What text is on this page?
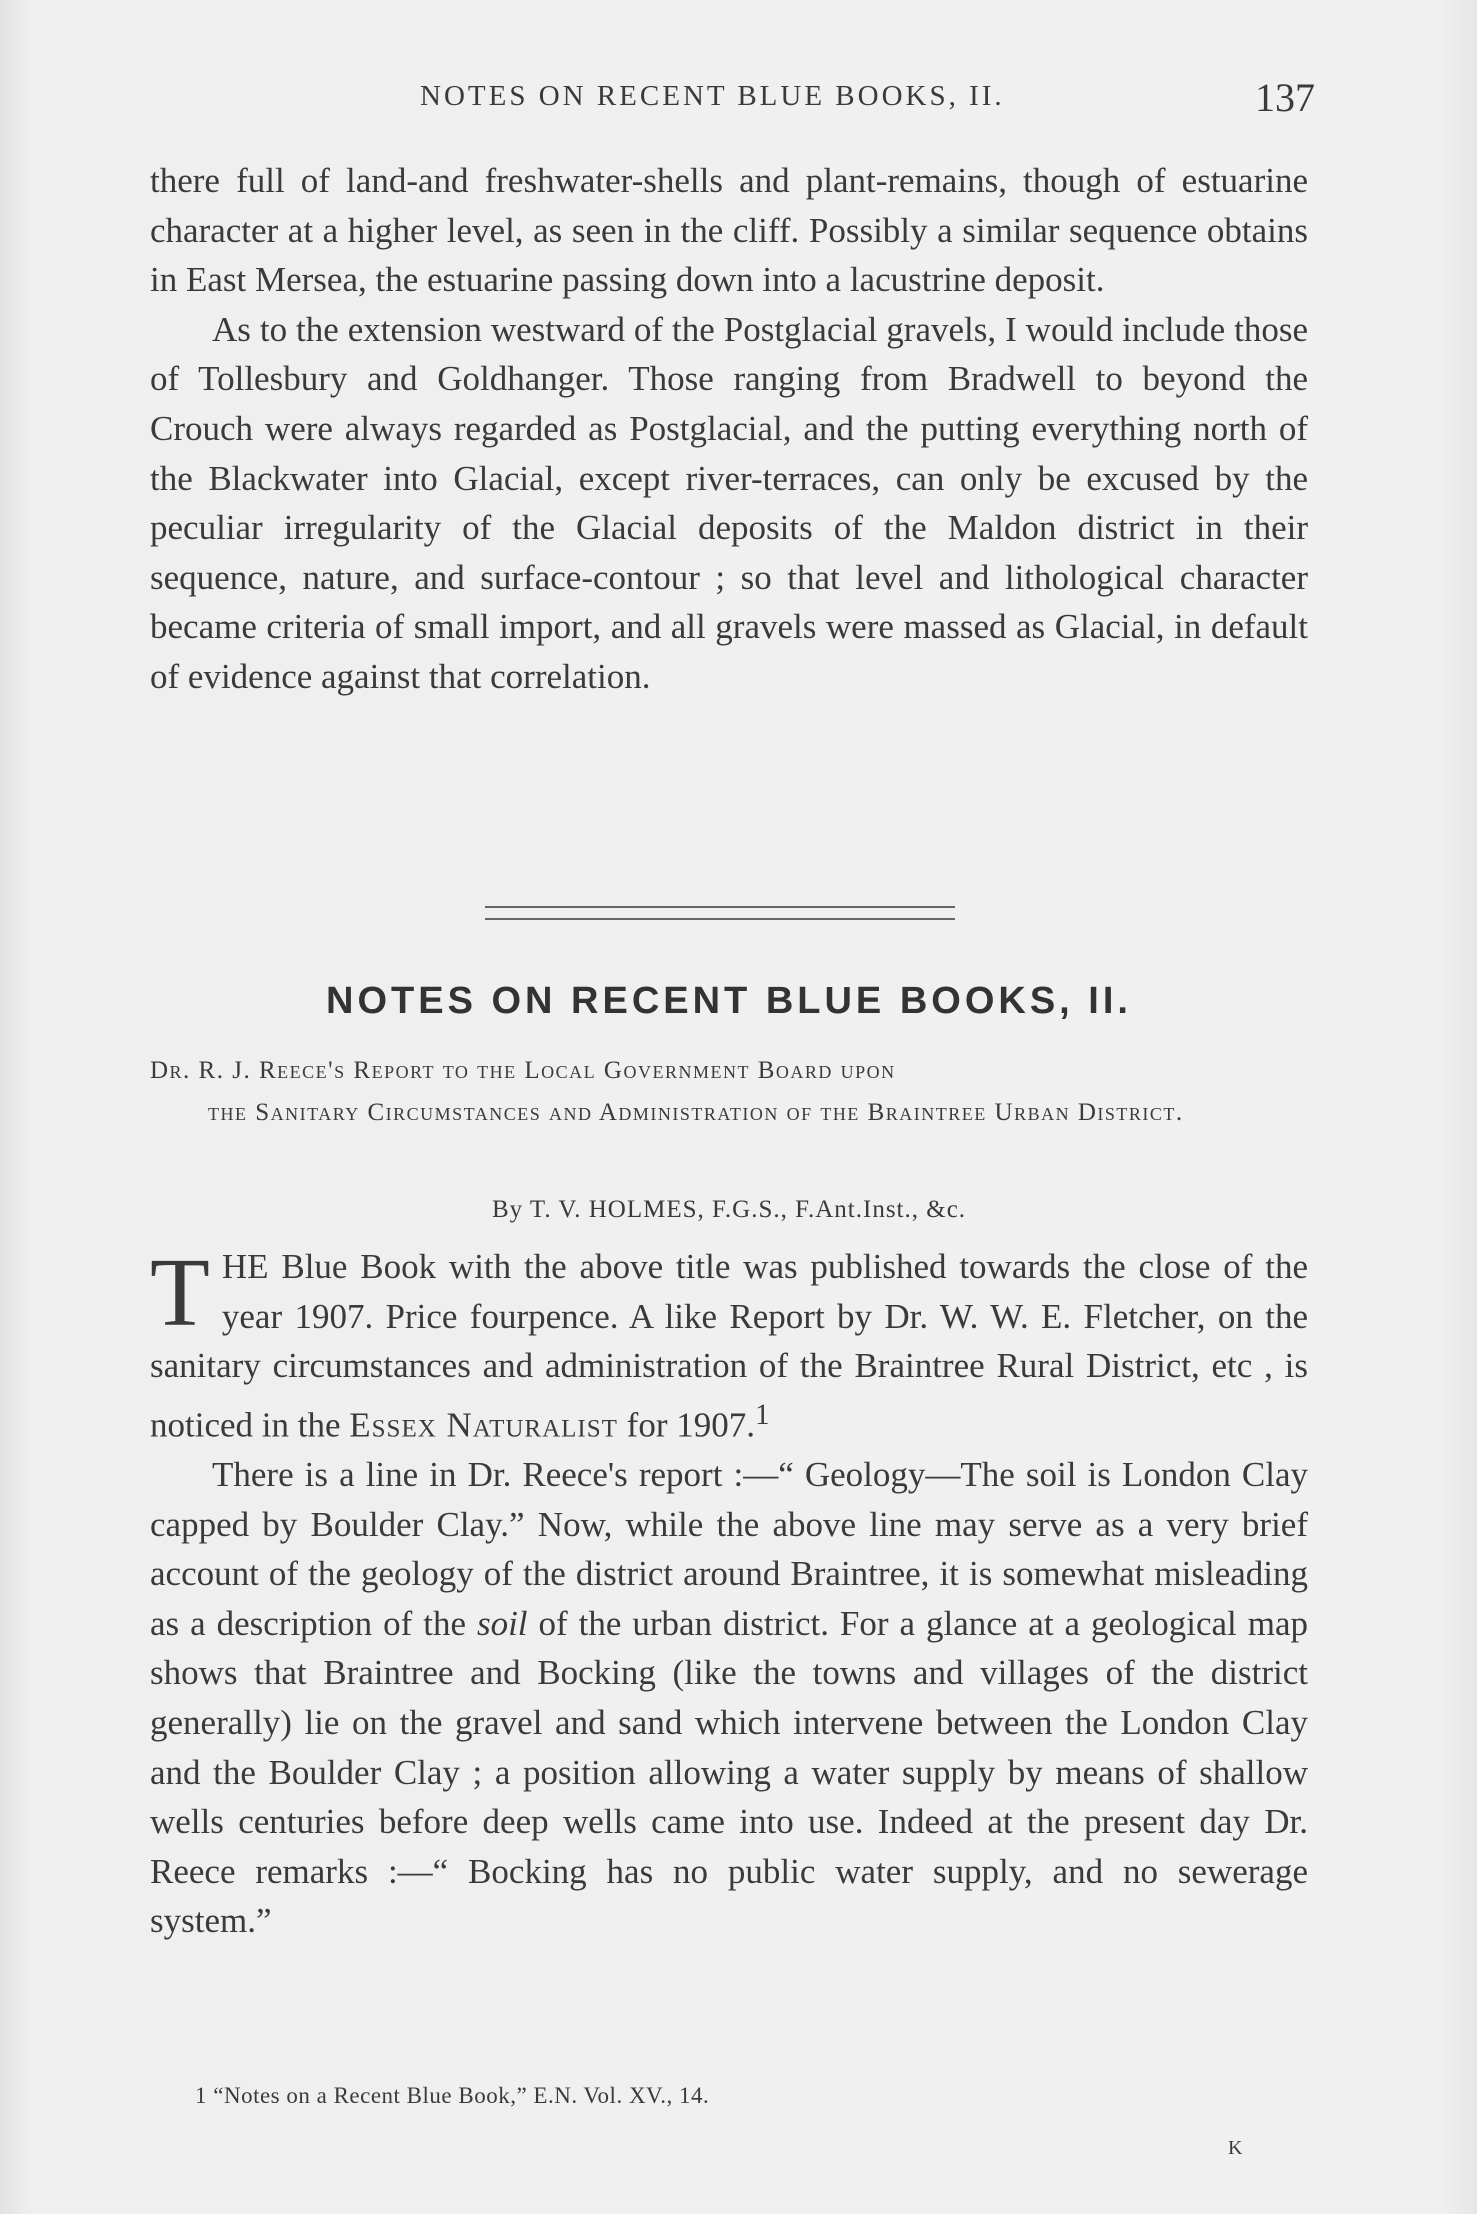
NOTES ON RECENT BLUE BOOKS, II.	137

there full of land-and freshwater-shells and plant-remains, though of estuarine character at a higher level, as seen in the cliff. Possibly a similar sequence obtains in East Mersea, the estuarine passing down into a lacustrine deposit.

As to the extension westward of the Postglacial gravels, I would include those of Tollesbury and Goldhanger. Those ranging from Bradwell to beyond the Crouch were always regarded as Postglacial, and the putting everything north of the Blackwater into Glacial, except river-terraces, can only be excused by the peculiar irregularity of the Glacial deposits of the Maldon district in their sequence, nature, and surface-contour ; so that level and lithological character became criteria of small import, and all gravels were massed as Glacial, in default of evidence against that correlation.

NOTES ON RECENT BLUE BOOKS, II.
Dr. R. J. Reece's Report to the Local Government Board upon
the Sanitary Circumstances and Administration of the Braintree Urban District.
By T. V. HOLMES, F.G.S., F.Ant.Inst., &c.

THE Blue Book with the above title was published towards the close of the year 1907. Price fourpence. A like Report by Dr. W. W. E. Fletcher, on the sanitary circumstances and administration of the Braintree Rural District, etc , is noticed in the Essex Naturalist for 1907.$^1$

There is a line in Dr. Reece's report :—“ Geology—The soil is London Clay capped by Boulder Clay.” Now, while the above line may serve as a very brief account of the geology of the district around Braintree, it is somewhat misleading as a description of the soil of the urban district. For a glance at a geological map shows that Braintree and Bocking (like the towns and villages of the district generally) lie on the gravel and sand which intervene between the London Clay and the Boulder Clay ; a position allowing a water supply by means of shallow wells centuries before deep wells came into use. Indeed at the present day Dr. Reece remarks :—“ Bocking has no public water supply, and no sewerage system.”

1 “Notes on a Recent Blue Book,” E.N. Vol. XV., 14.
K
